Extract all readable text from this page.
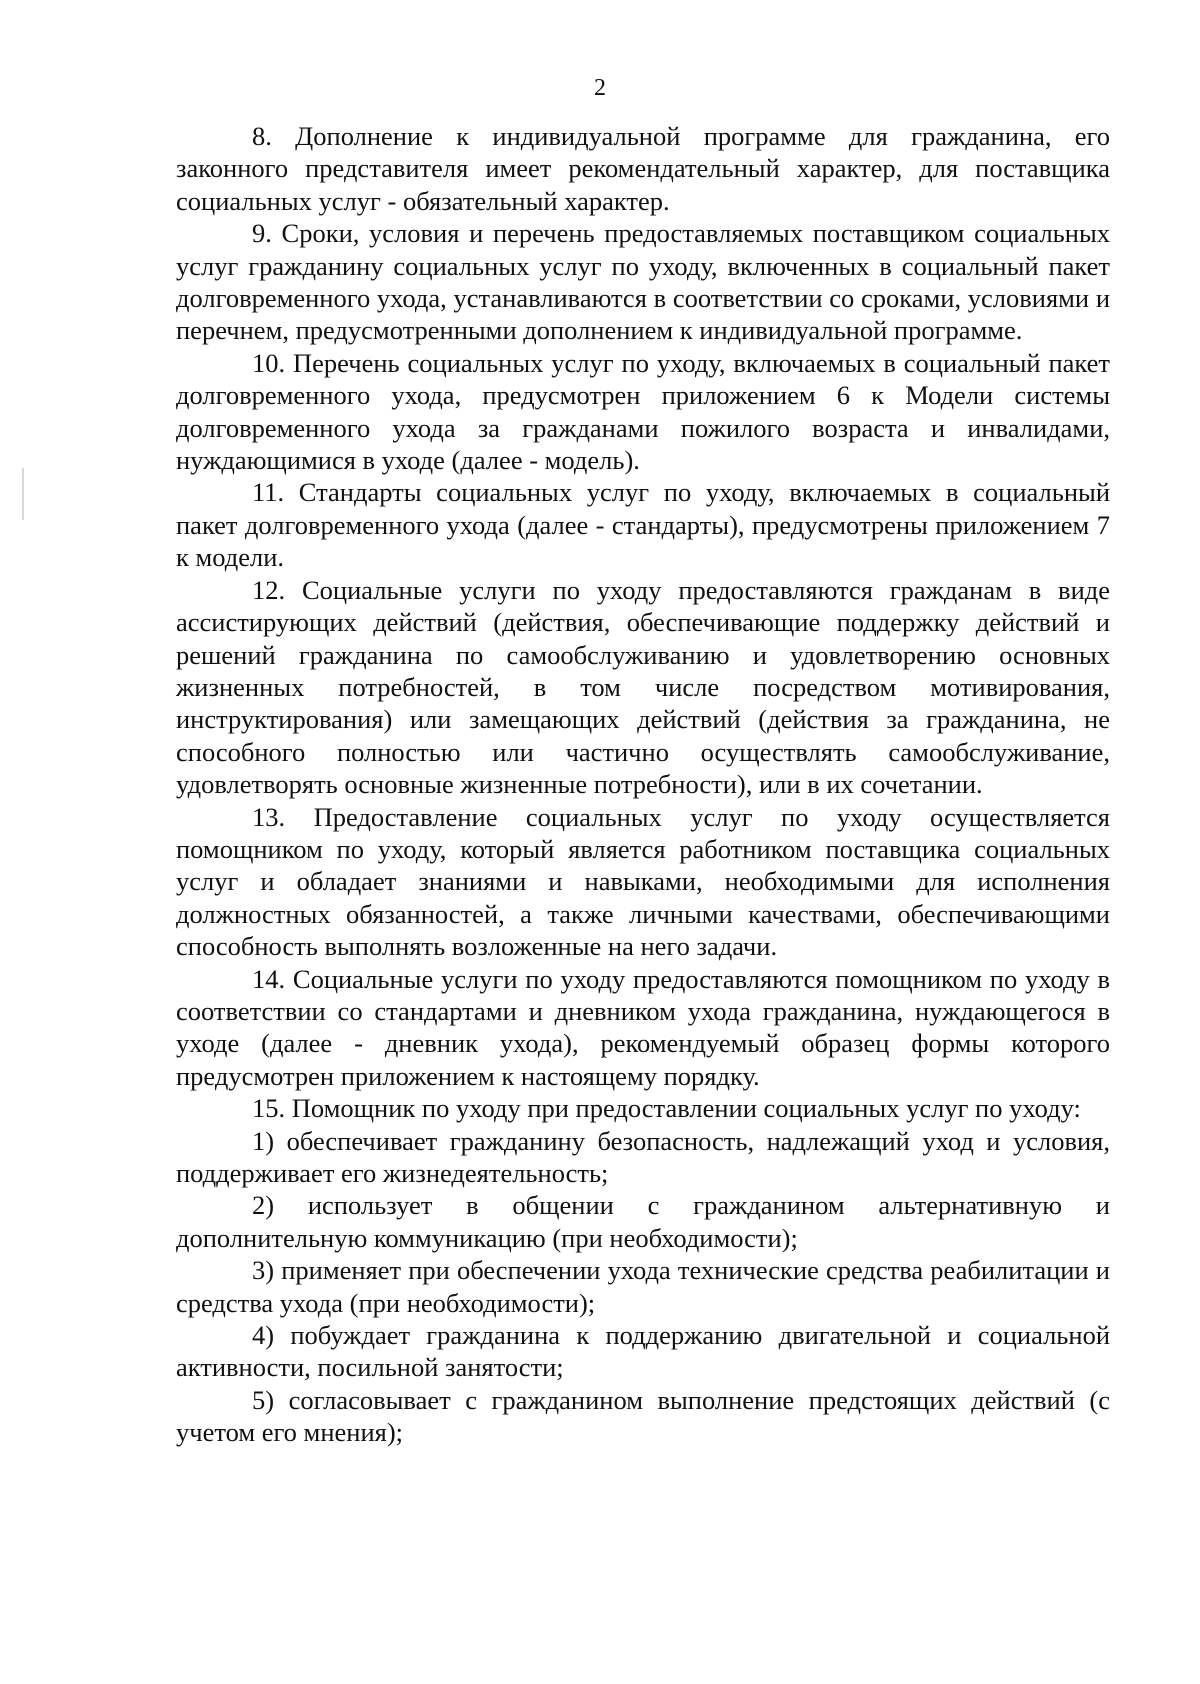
2

8. Дополнение к индивидуальной программе для гражданина, его законного представителя имеет рекомендательный характер, для поставщика социальных услуг - обязательный характер.

9. Сроки, условия и перечень предоставляемых поставщиком социальных услуг гражданину социальных услуг по уходу, включенных в социальный пакет долговременного ухода, устанавливаются в соответствии со сроками, условиями и перечнем, предусмотренными дополнением к индивидуальной программе.

10. Перечень социальных услуг по уходу, включаемых в социальный пакет долговременного ухода, предусмотрен приложением 6 к Модели системы долговременного ухода за гражданами пожилого возраста и инвалидами, нуждающимися в уходе (далее - модель).

11. Стандарты социальных услуг по уходу, включаемых в социальный пакет долговременного ухода (далее - стандарты), предусмотрены приложением 7 к модели.

12. Социальные услуги по уходу предоставляются гражданам в виде ассистирующих действий (действия, обеспечивающие поддержку действий и решений гражданина по самообслуживанию и удовлетворению основных жизненных потребностей, в том числе посредством мотивирования, инструктирования) или замещающих действий (действия за гражданина, не способного полностью или частично осуществлять самообслуживание, удовлетворять основные жизненные потребности), или в их сочетании.

13. Предоставление социальных услуг по уходу осуществляется помощником по уходу, который является работником поставщика социальных услуг и обладает знаниями и навыками, необходимыми для исполнения должностных обязанностей, а также личными качествами, обеспечивающими способность выполнять возложенные на него задачи.

14. Социальные услуги по уходу предоставляются помощником по уходу в соответствии со стандартами и дневником ухода гражданина, нуждающегося в уходе (далее - дневник ухода), рекомендуемый образец формы которого предусмотрен приложением к настоящему порядку.

15. Помощник по уходу при предоставлении социальных услуг по уходу:

1) обеспечивает гражданину безопасность, надлежащий уход и условия, поддерживает его жизнедеятельность;

2) использует в общении с гражданином альтернативную и дополнительную коммуникацию (при необходимости);

3) применяет при обеспечении ухода технические средства реабилитации и средства ухода (при необходимости);

4) побуждает гражданина к поддержанию двигательной и социальной активности, посильной занятости;

5) согласовывает с гражданином выполнение предстоящих действий (с учетом его мнения);
